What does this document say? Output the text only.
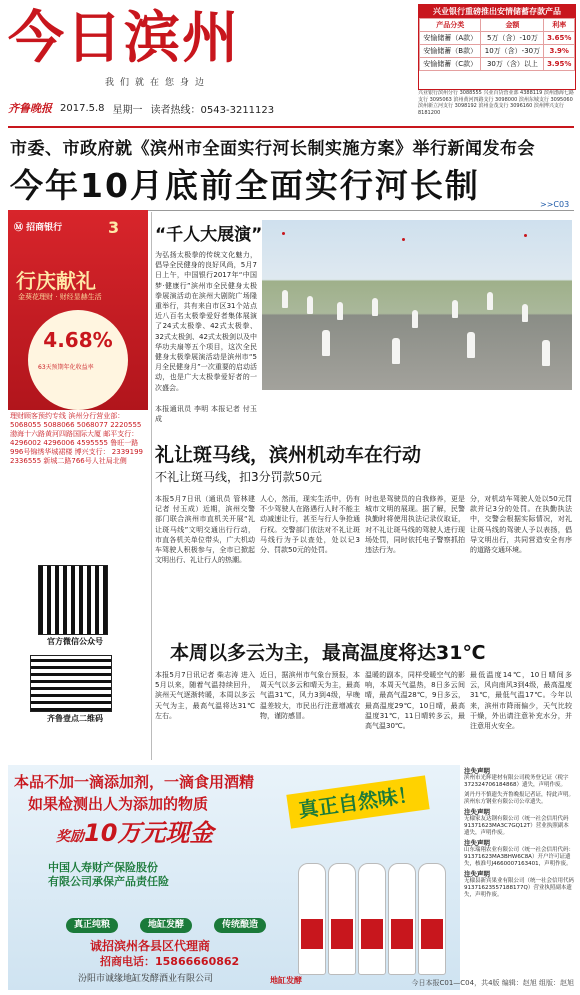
今日滨州
我们就在您身边
齐鲁晚报 2017.5.8 星期一 读者热线：0543-3211123
兴业银行重磅推出安情储蓄存款产品
产品分类	金额	利率
安愉储蓄（A款）	5万（含）-10万	3.65%
安愉储蓄（B款）	10万（含）-30万	3.9%
安愉储蓄（C款）	30万（含）以上	3.95%
兴业银行滨州分行 3088555 兴业百货营业部 4388119 滨州渤海七路支行 3095063 滨州黄河四路支行 3098000 滨州东城支行 3095060 滨州新立河支行 3098192 滨州金茂支行 3096160 滨州博兴支行 8181200
市委、市政府就《滨州市全面实行河长制实施方案》举行新闻发布会
今年10月底前全面实行河长制	>>C03
Ⓜ 招商银行	3
行庆献礼
金葵花理财 · 财经显赫生活
4.68%
63天预期年化收益率
理财顾客预约专线 滨州分行营业部： 5068055 5088066 5068077 2220555 渤海十六路黄河四路国际大厦 邮平支行： 4296002 4296006 4595555 鲁旺一路996号锦绣华城裙楼 博兴支行： 2339199 2336555 新城二路766号人社局北侧
官方微信公众号
齐鲁壹点二维码
“千人大展演”
为弘扬太极拳的传统文化魅力，倡导全民健身的良好风尚，5月7日上午，中国银行2017年“中国梦·健康行”滨州市全民健身太极拳展演活动在滨州大剧院广场隆重举行，共有来自市区31个站点近八百名太极拳爱好者集体展演了24式太极拳、42式太极拳、32式太极剑、42式太极剑以及中华功夫扇等五个项目，这次全民健身太极拳展演活动是滨州市“5月全民健身月”一次重要的启动活动，也是广大太极拳爱好者的一次盛会。
本报通讯员 李明 本报记者 付玉成
礼让斑马线，滨州机动车在行动
不礼让斑马线，扣3分罚款50元
本报5月7日讯（通讯员 管林建 记者 付玉成）近期，滨州交警部门联合滨州市直机关开展“礼让斑马线”文明交通出行行动，市直各机关单位带头，广大机动车驾驶人积极参与，全市已掀起文明出行、礼让行人的热潮。
人心，然而，现实生活中，仍有不少驾驶人在路遇行人时不能主动减速让行，甚至与行人争抢通行权。交警部门依法对不礼让斑马线行为予以查处，处以记3分、罚款50元的处罚。
时也是驾驶员的自我修养，更是城市文明的展现。据了解，民警执勤时将使用执法记录仪取证，对不礼让斑马线的驾驶人进行现场处罚，同时依托电子警察抓拍违法行为。
分，对机动车驾驶人处以50元罚款并记3分的处罚。在执勤执法中，交警会根据实际情况，对礼让斑马线的驾驶人予以表扬，倡导文明出行，共同营造安全有序的道路交通环境。
本周以多云为主，最高温度将达31℃
本报5月7日讯记者 柴志涛 进入5月以来，随着气温持续回升，滨州天气逐渐转暖，本周以多云天气为主，最高气温将达31℃左右。
近日，据滨州市气象台预报，本周天气以多云和晴天为主，最高气温31℃，风力3到4级，早晚温差较大，市民出行注意增减衣物，谨防感冒。
温暖的副本，同样受暖空气的影响，本周天气温热，8日多云间晴，最高气温28℃，9日多云，最高温度29℃，10日晴，最高温度31℃，11日晴转多云，最高气温30℃。
最低温度14℃，10日晴间多云，风向南风3到4级，最高温度31℃，最低气温17℃。今年以来，滨州市降雨偏少，天气比较干燥，外出请注意补充水分，并注意用火安全。
本品不加一滴添加剂，一滴食用酒精
如果检测出人为添加的物质
奖励10万元现金
中国人寿财产保险股份
有限公司承保产品责任险
真正自然味！
真正纯粮	地缸发酵	传统酿造
诚招滨州各县区代理商
招商电话：15866660862
汾阳市诚缘地缸发酵酒业有限公司	地缸发酵
注失声明
滨州市光辉建材有限公司税务登记证（税字372324706184868）遗失，声明作废。
刘丹丹不慎遗失齐鲁晚报记者证，特此声明。滨州东方钢业有限公司公章遗失。
注失声明
无棣家友达钢有限公司（统一社会信用代码91371623MA3C7GQ12T）营业执照副本遗失，声明作废。
注失声明
山东瑞翔农业有限公司（统一社会信用代码：91371623MA3BHW6C8A）开户许可证遗失，核准号J4660007163401，声明作废。
注失声明
无棣县新宾果业有限公司（统一社会信用代码91371623557188177Q）营业执照副本遗失，声明作废。
今日本报C01—C04，共4版 编辑：赵旭 组版：赵旭
